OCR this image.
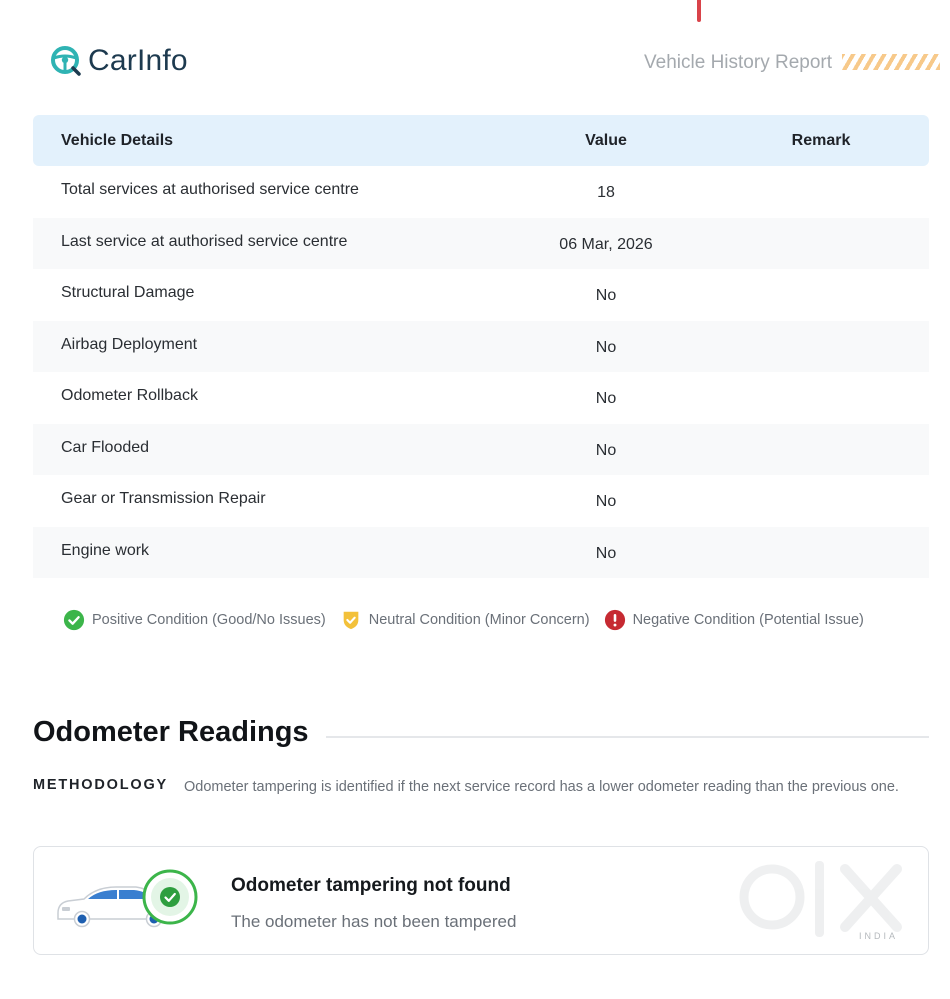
CarInfo	Vehicle History Report
Vehicle Details	Value	Remark
Total services at authorised service centre	18
Last service at authorised service centre	06 Mar, 2026
Structural Damage	No
Airbag Deployment	No
Odometer Rollback	No
Car Flooded	No
Gear or Transmission Repair	No
Engine work	No
Positive Condition (Good/No Issues)	Neutral Condition (Minor Concern)	Negative Condition (Potential Issue)
Odometer Readings
METHODOLOGY Odometer tampering is identified if the next service record has a lower odometer reading than the previous one.
Odometer tampering not found
The odometer has not been tampered
INDIA
